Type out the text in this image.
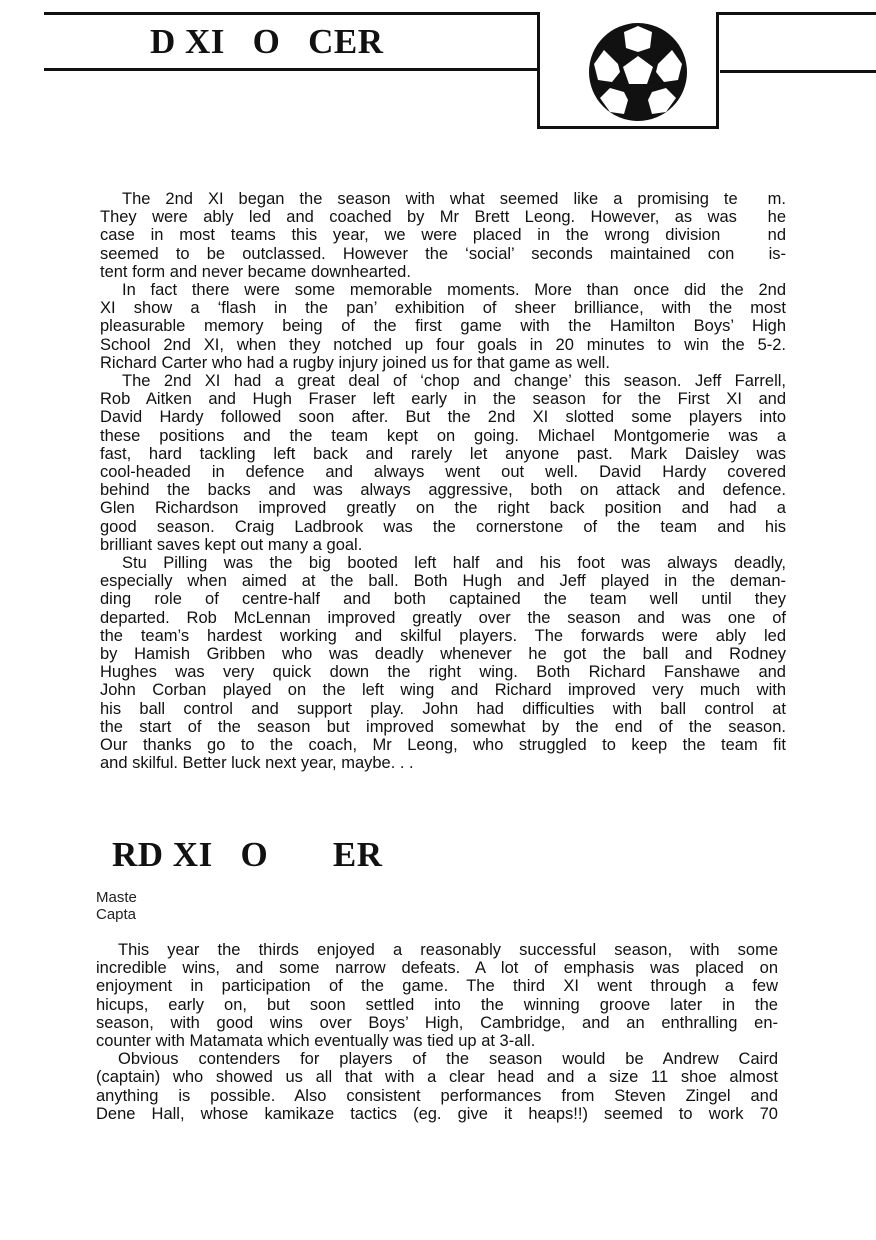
D XI   O   CER
The 2nd XI began the season with what seemed like a promising te  m.
They were ably led and coached by Mr Brett Leong. However, as was  he
case in most teams this year, we were placed in the wrong division   nd
seemed to be outclassed. However the ‘social’ seconds maintained con  is-
tent form and never became downhearted.
In fact there were some memorable moments. More than once did the 2nd
XI show a ‘flash in the pan’ exhibition of sheer brilliance, with the most
pleasurable memory being of the first game with the Hamilton Boys’ High
School 2nd XI, when they notched up four goals in 20 minutes to win the 5-2.
Richard Carter who had a rugby injury joined us for that game as well.
The 2nd XI had a great deal of ‘chop and change’ this season. Jeff Farrell,
Rob Aitken and Hugh Fraser left early in the season for the First XI and
David Hardy followed soon after. But the 2nd XI slotted some players into
these positions and the team kept on going. Michael Montgomerie was a
fast, hard tackling left back and rarely let anyone past. Mark Daisley was
cool-headed in defence and always went out well. David Hardy covered
behind the backs and was always aggressive, both on attack and defence.
Glen Richardson improved greatly on the right back position and had a
good season. Craig Ladbrook was the cornerstone of the team and his
brilliant saves kept out many a goal.
Stu Pilling was the big booted left half and his foot was always deadly,
especially when aimed at the ball. Both Hugh and Jeff played in the deman-
ding role of centre-half and both captained the team well until they
departed. Rob McLennan improved greatly over the season and was one of
the team’s hardest working and skilful players. The forwards were ably led
by Hamish Gribben who was deadly whenever he got the ball and Rodney
Hughes was very quick down the right wing. Both Richard Fanshawe and
John Corban played on the left wing and Richard improved very much with
his ball control and support play. John had difficulties with ball control at
the start of the season but improved somewhat by the end of the season.
Our thanks go to the coach, Mr Leong, who struggled to keep the team fit
and skilful. Better luck next year, maybe. . .
RD XI   O       ER
Maste
Capta
This year the thirds enjoyed a reasonably successful season, with some
incredible wins, and some narrow defeats. A lot of emphasis was placed on
enjoyment in participation of the game. The third XI went through a few
hicups, early on, but soon settled into the winning groove later in the
season, with good wins over Boys’ High, Cambridge, and an enthralling en-
counter with Matamata which eventually was tied up at 3-all.
Obvious contenders for players of the season would be Andrew Caird
(captain) who showed us all that with a clear head and a size 11 shoe almost
anything is possible. Also consistent performances from Steven Zingel and
Dene Hall, whose kamikaze tactics (eg. give it heaps!!) seemed to work 70
